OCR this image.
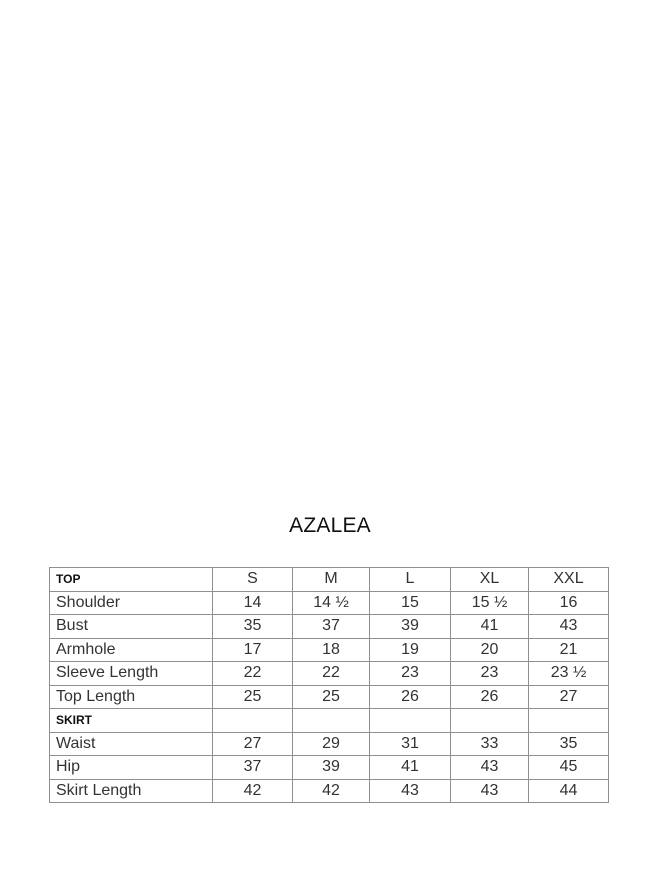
AZALEA
TOP	S	M	L	XL	XXL
Shoulder	14	14 ½	15	15 ½	16
Bust	35	37	39	41	43
Armhole	17	18	19	20	21
Sleeve Length	22	22	23	23	23 ½
Top Length	25	25	26	26	27
SKIRT					
Waist	27	29	31	33	35
Hip	37	39	41	43	45
Skirt Length	42	42	43	43	44
